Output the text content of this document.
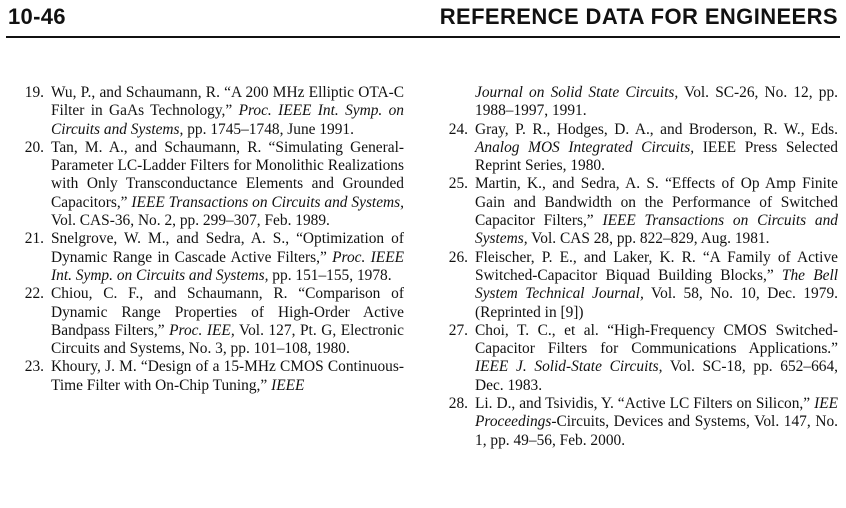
10-46	REFERENCE DATA FOR ENGINEERS
19. Wu, P., and Schaumann, R. “A 200 MHz Elliptic OTA-C Filter in GaAs Technology,” Proc. IEEE Int. Symp. on Circuits and Systems, pp. 1745–1748, June 1991.
20. Tan, M. A., and Schaumann, R. “Simulating General-Parameter LC-Ladder Filters for Monolithic Realizations with Only Transconductance Elements and Grounded Capacitors,” IEEE Transactions on Circuits and Systems, Vol. CAS-36, No. 2, pp. 299–307, Feb. 1989.
21. Snelgrove, W. M., and Sedra, A. S., “Optimization of Dynamic Range in Cascade Active Filters,” Proc. IEEE Int. Symp. on Circuits and Systems, pp. 151–155, 1978.
22. Chiou, C. F., and Schaumann, R. “Comparison of Dynamic Range Properties of High-Order Active Bandpass Filters,” Proc. IEE, Vol. 127, Pt. G, Electronic Circuits and Systems, No. 3, pp. 101–108, 1980.
23. Khoury, J. M. “Design of a 15-MHz CMOS Continuous-Time Filter with On-Chip Tuning,” IEEE
Journal on Solid State Circuits, Vol. SC-26, No. 12, pp. 1988–1997, 1991.
24. Gray, P. R., Hodges, D. A., and Broderson, R. W., Eds. Analog MOS Integrated Circuits, IEEE Press Selected Reprint Series, 1980.
25. Martin, K., and Sedra, A. S. “Effects of Op Amp Finite Gain and Bandwidth on the Performance of Switched Capacitor Filters,” IEEE Transactions on Circuits and Systems, Vol. CAS 28, pp. 822–829, Aug. 1981.
26. Fleischer, P. E., and Laker, K. R. “A Family of Active Switched-Capacitor Biquad Building Blocks,” The Bell System Technical Journal, Vol. 58, No. 10, Dec. 1979. (Reprinted in [9])
27. Choi, T. C., et al. “High-Frequency CMOS Switched-Capacitor Filters for Communications Applications.” IEEE J. Solid-State Circuits, Vol. SC-18, pp. 652–664, Dec. 1983.
28. Li. D., and Tsividis, Y. “Active LC Filters on Silicon,” IEE Proceedings-Circuits, Devices and Systems, Vol. 147, No. 1, pp. 49–56, Feb. 2000.
